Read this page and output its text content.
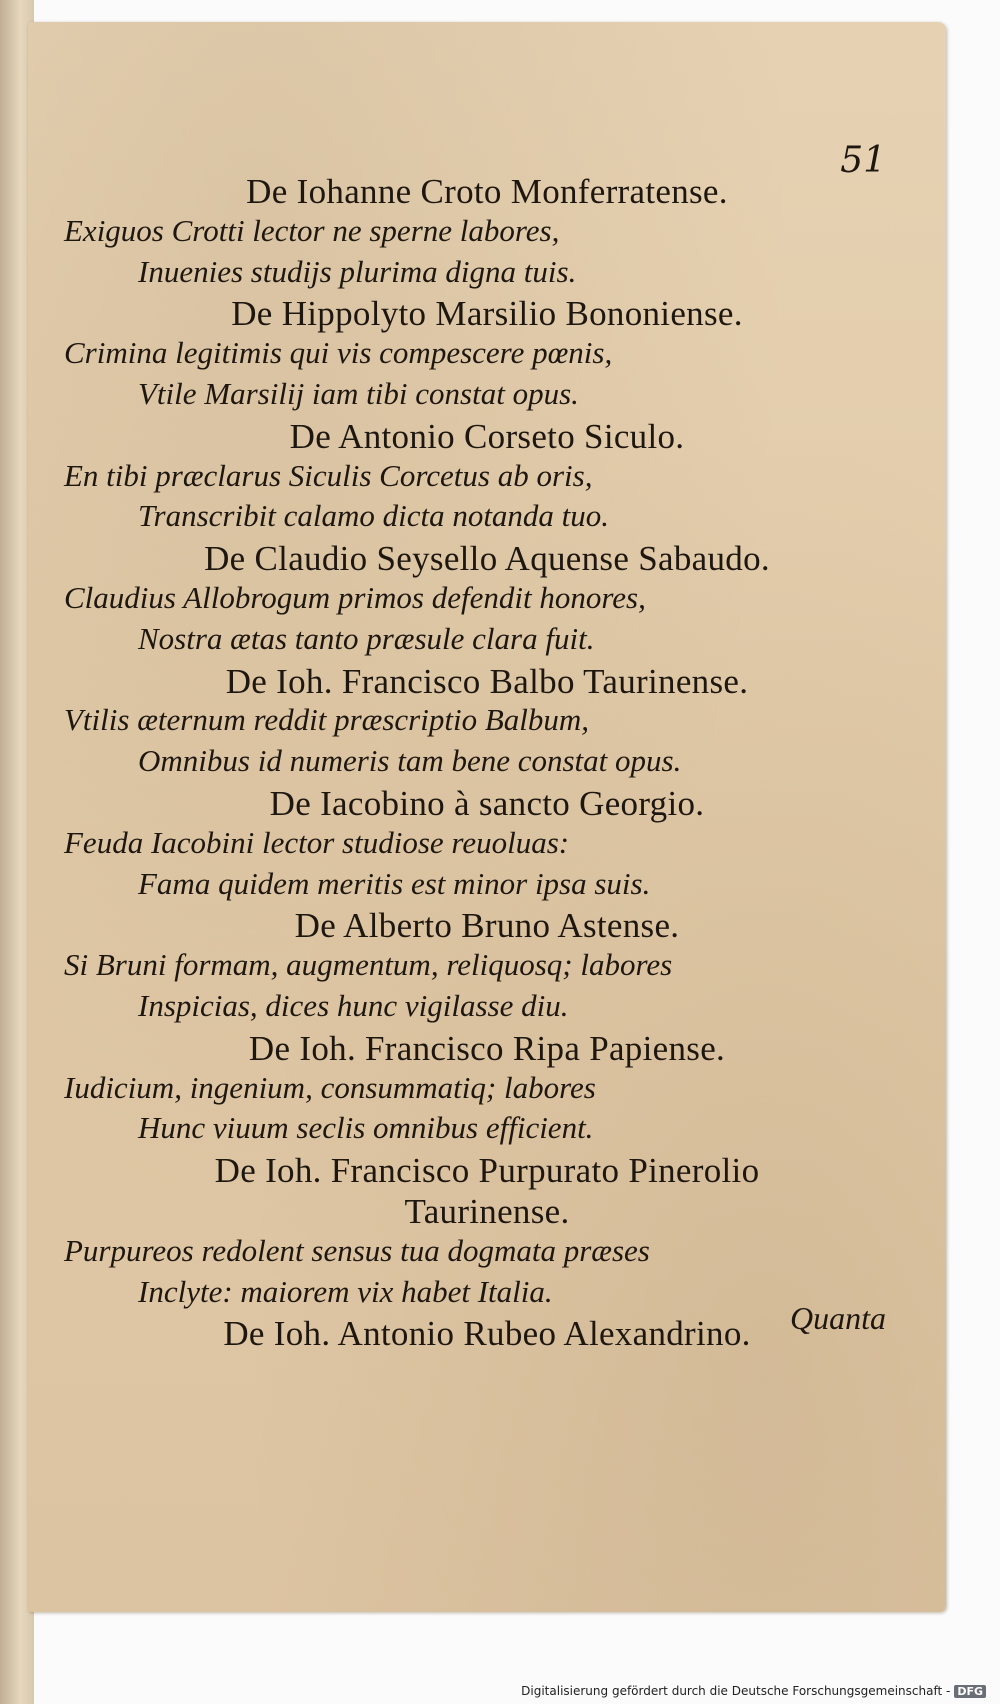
51
De Iohanne Croto Monferratense.
Exiguos Crotti lector ne sperne labores,
Inuenies studijs plurima digna tuis.
De Hippolyto Marsilio Bononiense.
Crimina legitimis qui vis compescere pœnis,
Vtile Marsilij iam tibi constat opus.
De Antonio Corseto Siculo.
En tibi præclarus Siculis Corcetus ab oris,
Transcribit calamo dicta notanda tuo.
De Claudio Seysello Aquense Sabaudo.
Claudius Allobrogum primos defendit honores,
Nostra ætas tanto præsule clara fuit.
De Ioh. Francisco Balbo Taurinense.
Vtilis æternum reddit præscriptio Balbum,
Omnibus id numeris tam bene constat opus.
De Iacobino à sancto Georgio.
Feuda Iacobini lector studiose reuoluas:
Fama quidem meritis est minor ipsa suis.
De Alberto Bruno Astense.
Si Bruni formam, augmentum, reliquosq; labores
Inspicias, dices hunc vigilasse diu.
De Ioh. Francisco Ripa Papiense.
Iudicium, ingenium, consummatiq; labores
Hunc viuum seclis omnibus efficient.
De Ioh. Francisco Purpurato Pinerolio
Taurinense.
Purpureos redolent sensus tua dogmata præses
Inclyte: maiorem vix habet Italia.
De Ioh. Antonio Rubeo Alexandrino.	Quanta
Digitalisierung gefördert durch die Deutsche Forschungsgemeinschaft - DFG
